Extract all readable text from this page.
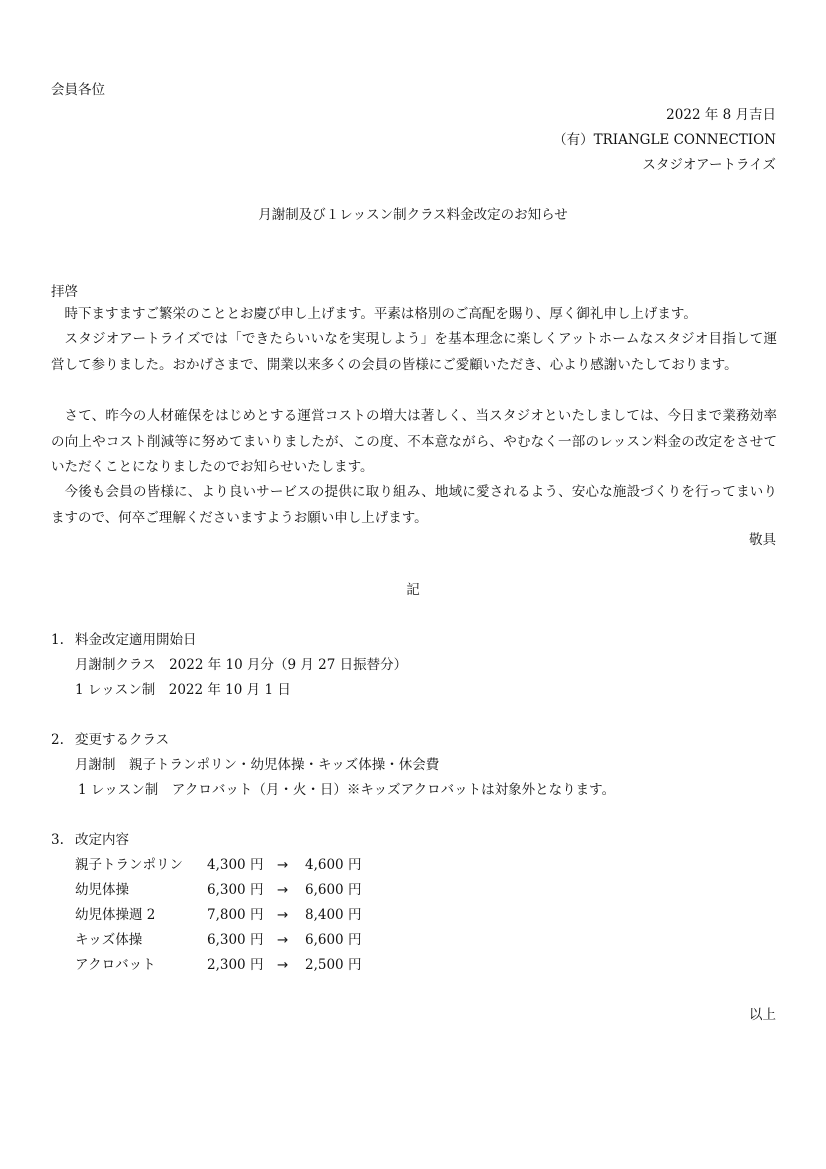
会員各位
2022 年 8 月吉日
（有）TRIANGLE CONNECTION
スタジオアートライズ
月謝制及び１レッスン制クラス料金改定のお知らせ
拝啓
時下ますますご繁栄のこととお慶び申し上げます。平素は格別のご高配を賜り、厚く御礼申し上げます。
スタジオアートライズでは「できたらいいなを実現しよう」を基本理念に楽しくアットホームなスタジオ目指して運営して参りました。おかげさまで、開業以来多くの会員の皆様にご愛顧いただき、心より感謝いたしております。
さて、昨今の人材確保をはじめとする運営コストの増大は著しく、当スタジオといたしましては、今日まで業務効率の向上やコスト削減等に努めてまいりましたが、この度、不本意ながら、やむなく一部のレッスン料金の改定をさせていただくことになりましたのでお知らせいたします。
今後も会員の皆様に、より良いサービスの提供に取り組み、地域に愛されるよう、安心な施設づくりを行ってまいりますので、何卒ご理解くださいますようお願い申し上げます。
敬具
記
1. 料金改定適用開始日
月謝制クラス　2022 年 10 月分（9 月 27 日振替分）
1 レッスン制　2022 年 10 月 1 日
2. 変更するクラス
月謝制　親子トランポリン・幼児体操・キッズ体操・休会費
1 レッスン制　アクロバット（月・火・日）※キッズアクロバットは対象外となります。
3. 改定内容
親子トランポリン 4,300 円 → 4,600 円
幼児体操	6,300 円 → 6,600 円
幼児体操週 2	7,800 円 → 8,400 円
キッズ体操	6,300 円 → 6,600 円
アクロバット	2,300 円 → 2,500 円
以上
